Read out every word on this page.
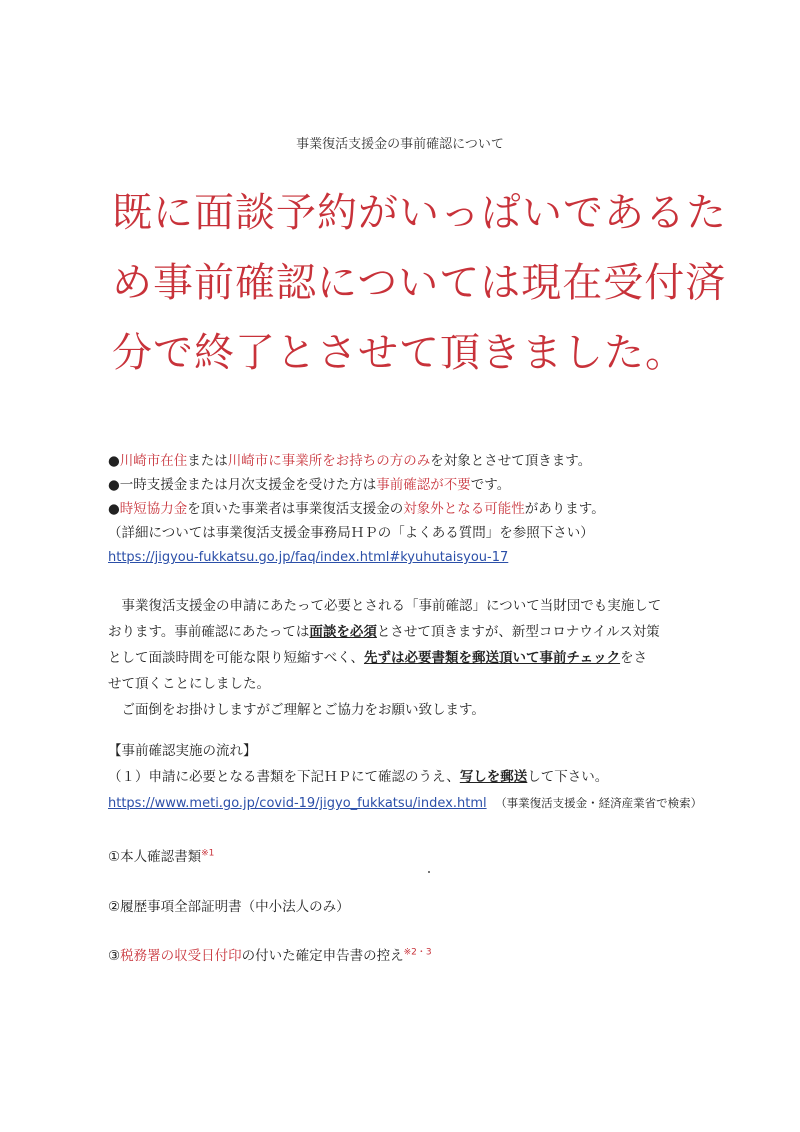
事業復活支援金の事前確認について
既に面談予約がいっぱいであるた
め事前確認については現在受付済
分で終了とさせて頂きました。
●川崎市在住または川崎市に事業所をお持ちの方のみを対象とさせて頂きます。
●一時支援金または月次支援金を受けた方は事前確認が不要です。
●時短協力金を頂いた事業者は事業復活支援金の対象外となる可能性があります。
（詳細については事業復活支援金事務局ＨＰの「よくある質問」を参照下さい）
https://jigyou-fukkatsu.go.jp/faq/index.html#kyuhutaisyou-17
　事業復活支援金の申請にあたって必要とされる「事前確認」について当財団でも実施して
おります。事前確認にあたっては面談を必須とさせて頂きますが、新型コロナウイルス対策
として面談時間を可能な限り短縮すべく、先ずは必要書類を郵送頂いて事前チェックをさ
せて頂くことにしました。
　ご面倒をお掛けしますがご理解とご協力をお願い致します。
【事前確認実施の流れ】
（１）申請に必要となる書類を下記ＨＰにて確認のうえ、写しを郵送して下さい。
https://www.meti.go.jp/covid-19/jigyo_fukkatsu/index.html （事業復活支援金・経済産業省で検索）
①本人確認書類$^{※1}$
②履歴事項全部証明書（中小法人のみ）
③税務署の収受日付印の付いた確定申告書の控え$^{※2・3}$
